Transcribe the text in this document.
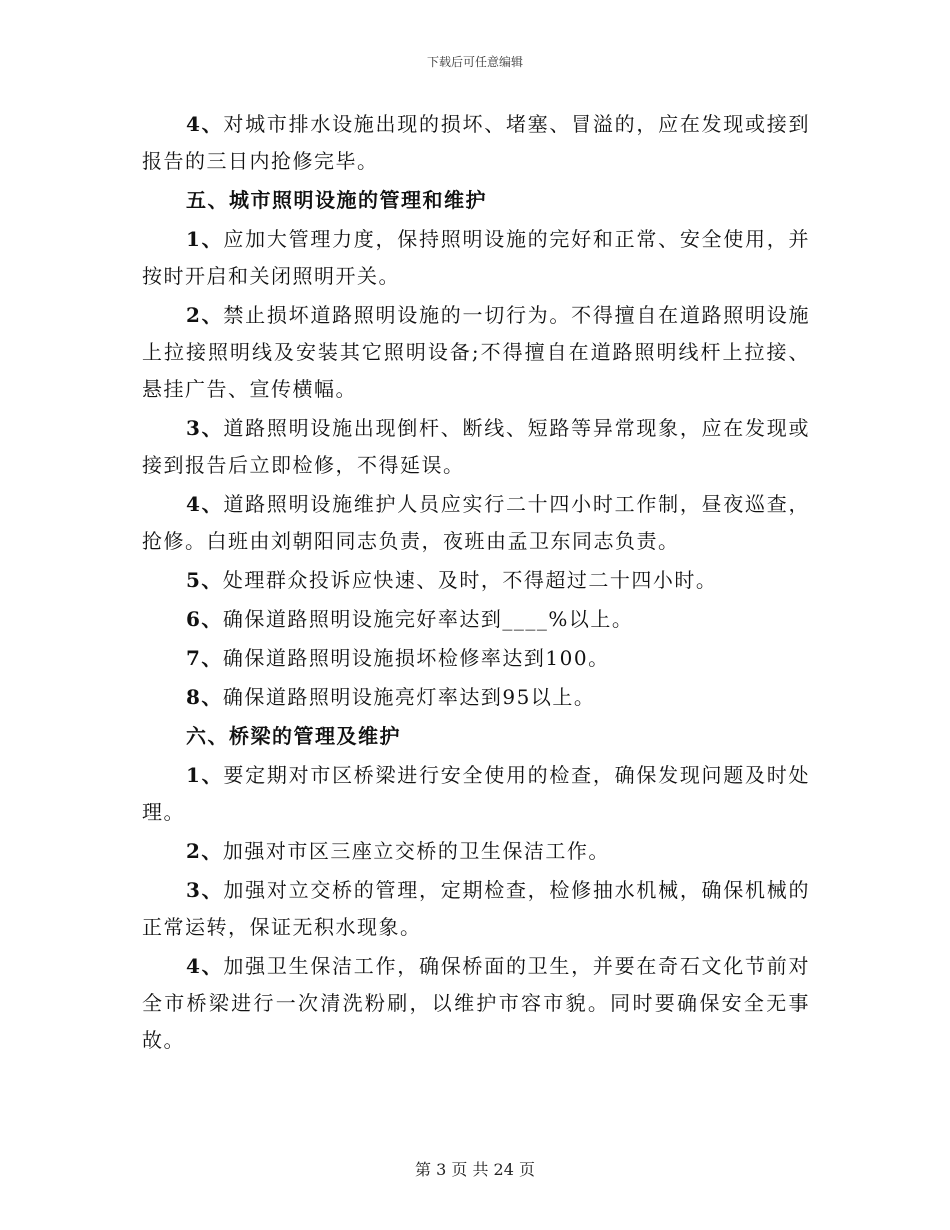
下载后可任意编辑

4、对城市排水设施出现的损坏、堵塞、冒溢的，应在发现或接到报告的三日内抢修完毕。

五、城市照明设施的管理和维护

1、应加大管理力度，保持照明设施的完好和正常、安全使用，并按时开启和关闭照明开关。

2、禁止损坏道路照明设施的一切行为。不得擅自在道路照明设施上拉接照明线及安装其它照明设备;不得擅自在道路照明线杆上拉接、悬挂广告、宣传横幅。

3、道路照明设施出现倒杆、断线、短路等异常现象，应在发现或接到报告后立即检修，不得延误。

4、道路照明设施维护人员应实行二十四小时工作制，昼夜巡查，抢修。白班由刘朝阳同志负责，夜班由孟卫东同志负责。

5、处理群众投诉应快速、及时，不得超过二十四小时。

6、确保道路照明设施完好率达到____%以上。

7、确保道路照明设施损坏检修率达到100。

8、确保道路照明设施亮灯率达到95以上。

六、桥梁的管理及维护

1、要定期对市区桥梁进行安全使用的检查，确保发现问题及时处理。

2、加强对市区三座立交桥的卫生保洁工作。

3、加强对立交桥的管理，定期检查，检修抽水机械，确保机械的正常运转，保证无积水现象。

4、加强卫生保洁工作，确保桥面的卫生，并要在奇石文化节前对全市桥梁进行一次清洗粉刷，以维护市容市貌。同时要确保安全无事故。

第 3 页 共 24 页
